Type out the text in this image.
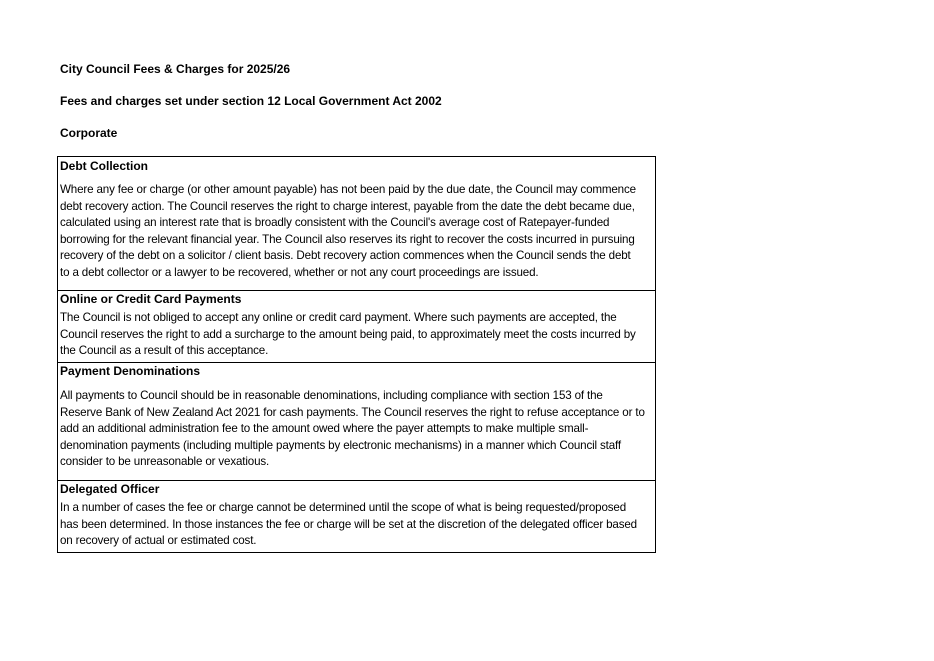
City Council Fees & Charges for 2025/26
Fees and charges set under section 12 Local Government Act 2002
Corporate
Debt Collection
Where any fee or charge (or other amount payable) has not been paid by the due date, the Council may commence
debt recovery action. The Council reserves the right to charge interest, payable from the date the debt became due,
calculated using an interest rate that is broadly consistent with the Council's average cost of Ratepayer-funded
borrowing for the relevant financial year. The Council also reserves its right to recover the costs incurred in pursuing
recovery of the debt on a solicitor / client basis. Debt recovery action commences when the Council sends the debt
to a debt collector or a lawyer to be recovered, whether or not any court proceedings are issued.
Online or Credit Card Payments
The Council is not obliged to accept any online or credit card payment. Where such payments are accepted, the
Council reserves the right to add a surcharge to the amount being paid, to approximately meet the costs incurred by
the Council as a result of this acceptance.
Payment Denominations
All payments to Council should be in reasonable denominations, including compliance with section 153 of the
Reserve Bank of New Zealand Act 2021 for cash payments. The Council reserves the right to refuse acceptance or to
add an additional administration fee to the amount owed where the payer attempts to make multiple small-
denomination payments (including multiple payments by electronic mechanisms) in a manner which Council staff
consider to be unreasonable or vexatious.
Delegated Officer
In a number of cases the fee or charge cannot be determined until the scope of what is being requested/proposed
has been determined. In those instances the fee or charge will be set at the discretion of the delegated officer based
on recovery of actual or estimated cost.
